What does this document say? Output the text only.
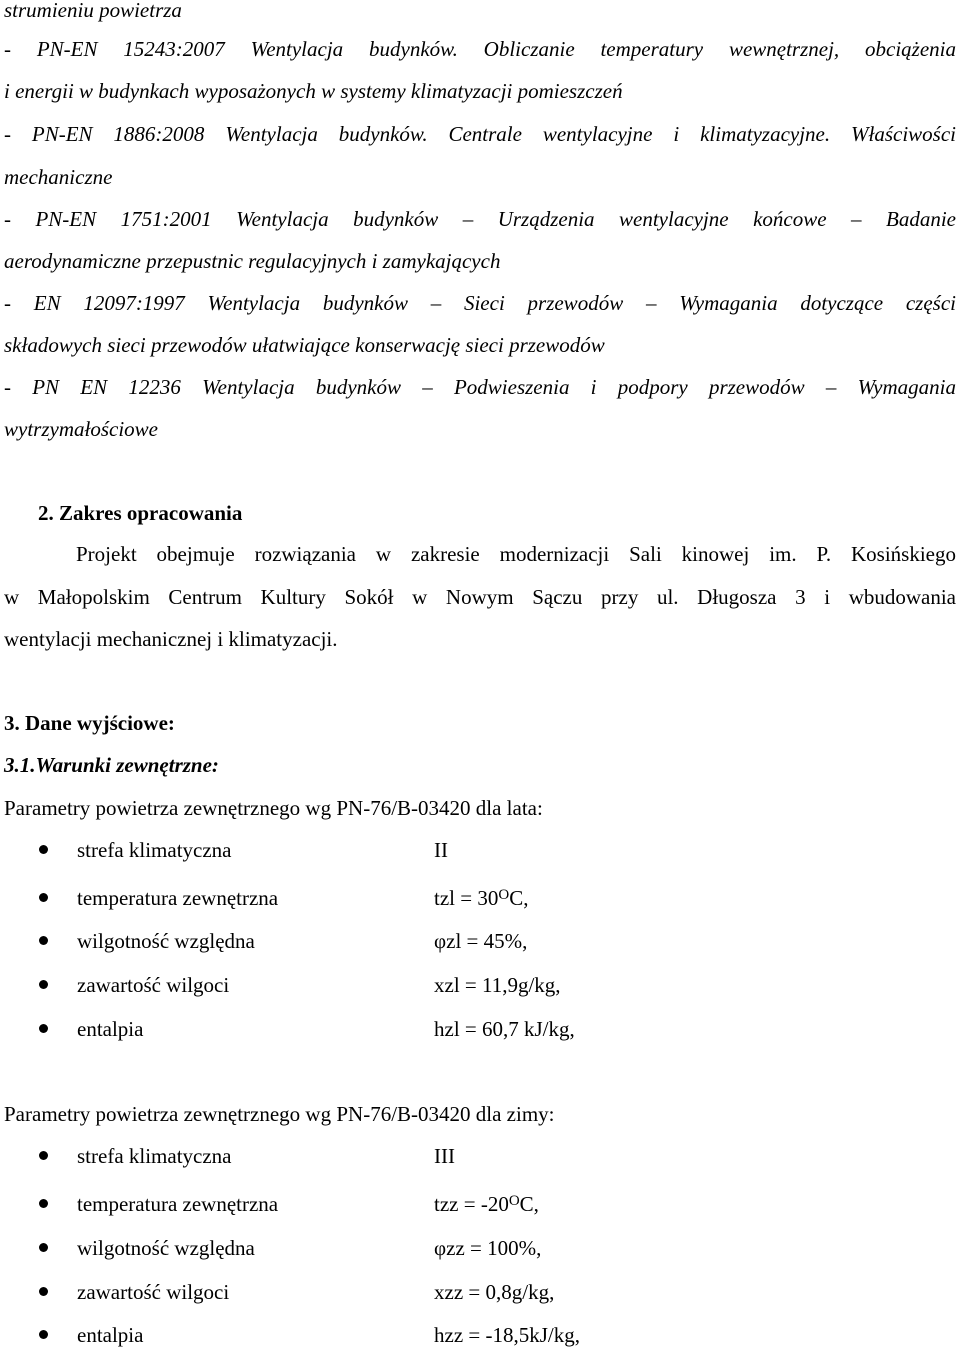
strumieniu powietrza
- PN-EN 15243:2007 Wentylacja budynków. Obliczanie temperatury wewnętrznej, obciążenia
i energii w budynkach wyposażonych w systemy klimatyzacji pomieszczeń
- PN-EN 1886:2008 Wentylacja budynków. Centrale wentylacyjne i klimatyzacyjne. Właściwości
mechaniczne
- PN-EN 1751:2001 Wentylacja budynków – Urządzenia wentylacyjne końcowe – Badanie
aerodynamiczne przepustnic regulacyjnych i zamykających
- EN 12097:1997 Wentylacja budynków – Sieci przewodów – Wymagania dotyczące części
składowych sieci przewodów ułatwiające konserwację sieci przewodów
- PN EN 12236 Wentylacja budynków – Podwieszenia i podpory przewodów – Wymagania
wytrzymałościowe
2. Zakres opracowania
Projekt obejmuje rozwiązania w zakresie modernizacji Sali kinowej im. P. Kosińskiego
w Małopolskim Centrum Kultury Sokół w Nowym Sączu przy ul. Długosza 3 i wbudowania
wentylacji mechanicznej i klimatyzacji.
3. Dane wyjściowe:
3.1.Warunki zewnętrzne:
Parametry powietrza zewnętrznego wg PN-76/B-03420 dla lata:
strefa klimatyczna	II
temperatura zewnętrzna	tzl = $30^OC$,
wilgotność względna	φzl = 45%,
zawartość wilgoci	xzl = 11,9g/kg,
entalpia	hzl = 60,7 kJ/kg,
Parametry powietrza zewnętrznego wg PN-76/B-03420 dla zimy:
strefa klimatyczna	III
temperatura zewnętrzna	tzz = $-20^OC$,
wilgotność względna	φzz = 100%,
zawartość wilgoci	xzz = 0,8g/kg,
entalpia	hzz = -18,5kJ/kg,
